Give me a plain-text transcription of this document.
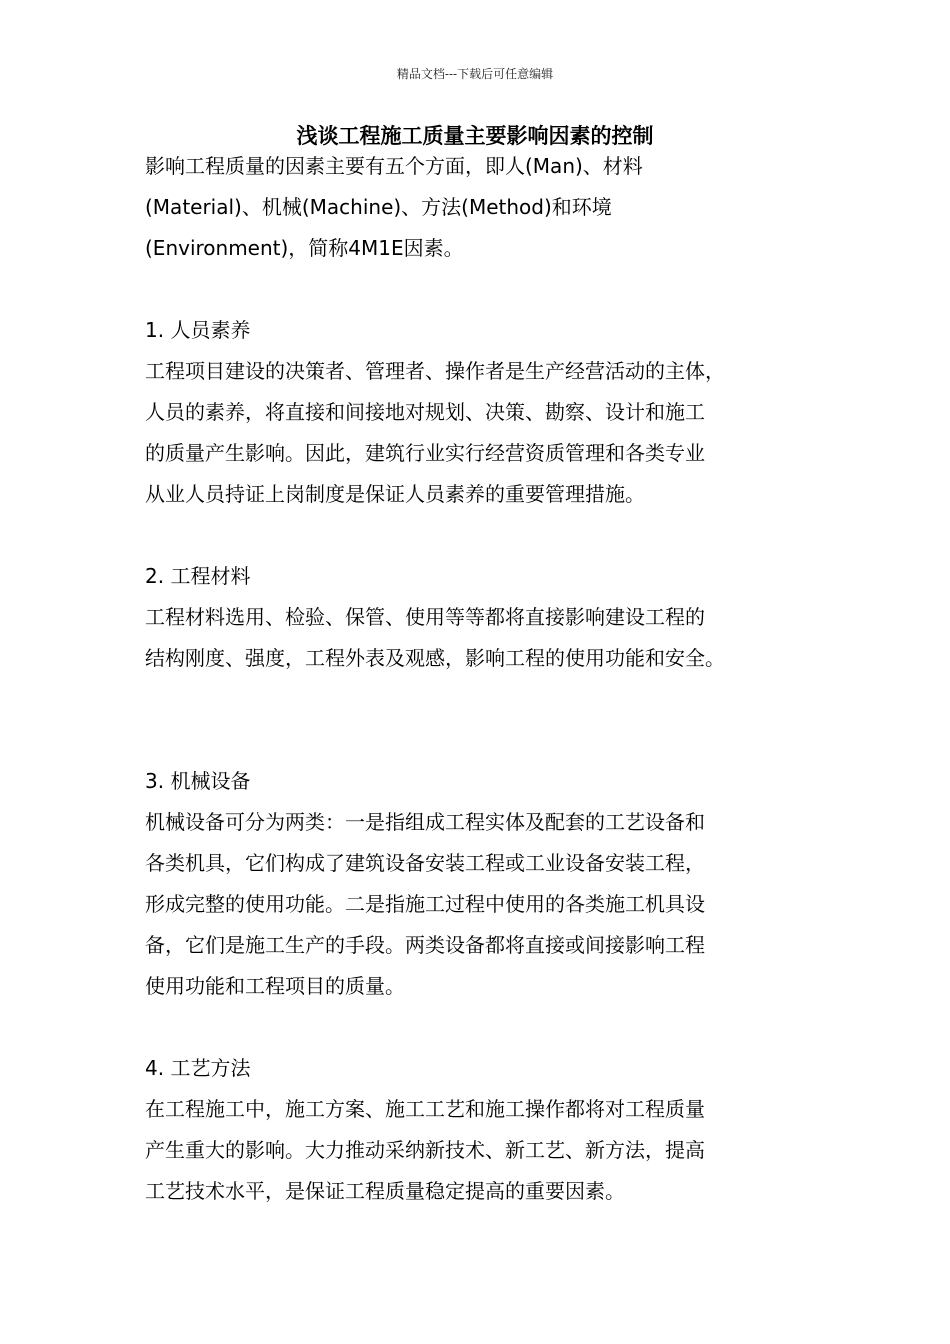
精品文档---下载后可任意编辑
浅谈工程施工质量主要影响因素的控制
影响工程质量的因素主要有五个方面，即人(Man)、材料
(Material)、机械(Machine)、方法(Method)和环境
(Environment)，简称4M1E因素。
1. 人员素养
工程项目建设的决策者、管理者、操作者是生产经营活动的主体，
人员的素养，将直接和间接地对规划、决策、勘察、设计和施工
的质量产生影响。因此，建筑行业实行经营资质管理和各类专业
从业人员持证上岗制度是保证人员素养的重要管理措施。
2. 工程材料
工程材料选用、检验、保管、使用等等都将直接影响建设工程的
结构刚度、强度，工程外表及观感，影响工程的使用功能和安全。
3. 机械设备
机械设备可分为两类：一是指组成工程实体及配套的工艺设备和
各类机具，它们构成了建筑设备安装工程或工业设备安装工程，
形成完整的使用功能。二是指施工过程中使用的各类施工机具设
备，它们是施工生产的手段。两类设备都将直接或间接影响工程
使用功能和工程项目的质量。
4. 工艺方法
在工程施工中，施工方案、施工工艺和施工操作都将对工程质量
产生重大的影响。大力推动采纳新技术、新工艺、新方法，提高
工艺技术水平，是保证工程质量稳定提高的重要因素。
